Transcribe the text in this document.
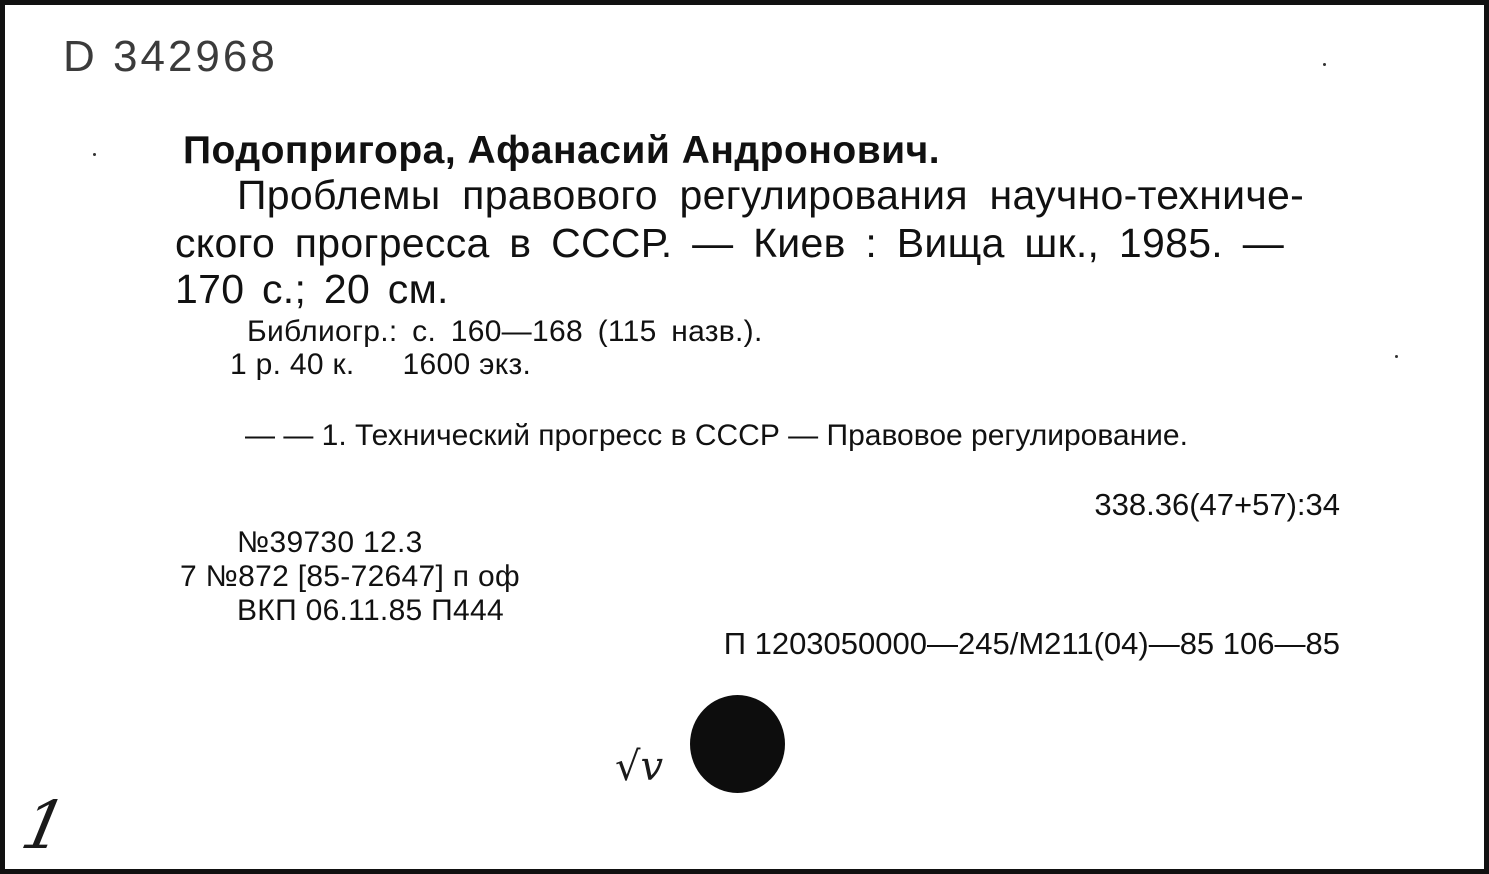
D 342968
Подопригора, Афанасий Андронович.
Проблемы правового регулирования научно-техниче-
ского прогресса в СССР. — Киев : Вища шк., 1985. —
170 с.; 20 см.
Библиогр.: с. 160—168 (115 назв.).
1 р. 40 к. 1600 экз.
— — 1. Технический прогресс в СССР — Правовое регулирование.
338.36(47+57):34
№39730 12.3
7 №872 [85-72647] п оф
ВКП 06.11.85 П444
П 1203050000—245/М211(04)—85 106—85
√v
1
